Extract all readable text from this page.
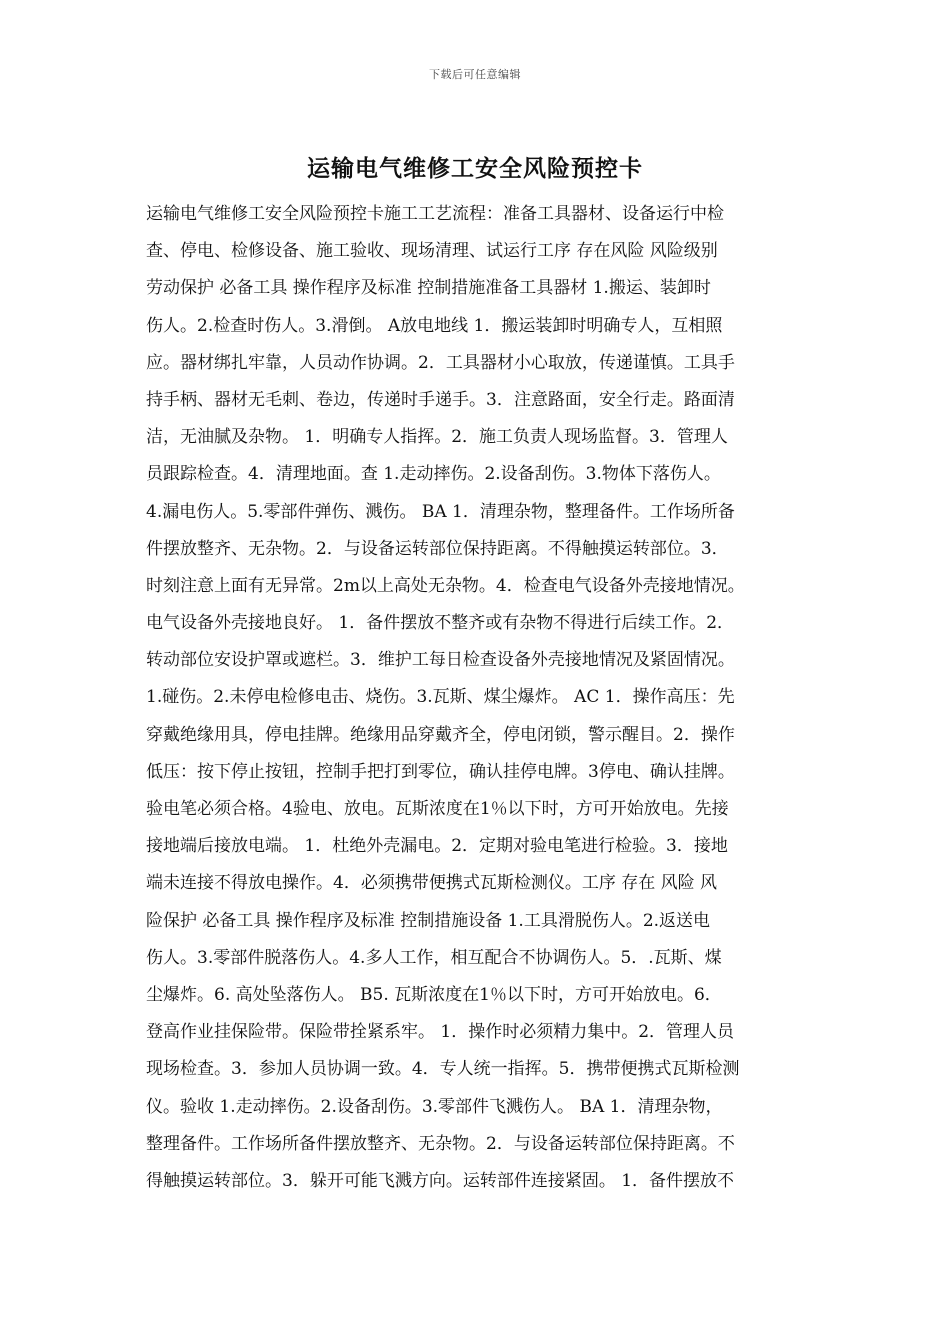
下载后可任意编辑
运输电气维修工安全风险预控卡
运输电气维修工安全风险预控卡施工工艺流程：准备工具器材、设备运行中检
查、停电、检修设备、施工验收、现场清理、试运行工序 存在风险 风险级别
劳动保护 必备工具 操作程序及标准 控制措施准备工具器材 1.搬运、装卸时
伤人。2.检查时伤人。3.滑倒。 A放电地线 1．搬运装卸时明确专人，互相照
应。器材绑扎牢靠，人员动作协调。2．工具器材小心取放，传递谨慎。工具手
持手柄、器材无毛刺、卷边，传递时手递手。3．注意路面，安全行走。路面清
洁，无油腻及杂物。 1．明确专人指挥。2．施工负责人现场监督。3．管理人
员跟踪检查。4．清理地面。查 1.走动摔伤。2.设备刮伤。3.物体下落伤人。
4.漏电伤人。5.零部件弹伤、溅伤。 BA 1．清理杂物，整理备件。工作场所备
件摆放整齐、无杂物。2．与设备运转部位保持距离。不得触摸运转部位。3．
时刻注意上面有无异常。2m以上高处无杂物。4．检查电气设备外壳接地情况。
电气设备外壳接地良好。 1．备件摆放不整齐或有杂物不得进行后续工作。2．
转动部位安设护罩或遮栏。3．维护工每日检查设备外壳接地情况及紧固情况。
1.碰伤。2.未停电检修电击、烧伤。3.瓦斯、煤尘爆炸。 AC 1．操作高压：先
穿戴绝缘用具，停电挂牌。绝缘用品穿戴齐全，停电闭锁，警示醒目。2．操作
低压：按下停止按钮，控制手把打到零位，确认挂停电牌。3停电、确认挂牌。
验电笔必须合格。4验电、放电。瓦斯浓度在1％以下时，方可开始放电。先接
接地端后接放电端。 1．杜绝外壳漏电。2．定期对验电笔进行检验。3．接地
端未连接不得放电操作。4．必须携带便携式瓦斯检测仪。工序 存在 风险 风
险保护 必备工具 操作程序及标准 控制措施设备 1.工具滑脱伤人。2.返送电
伤人。3.零部件脱落伤人。4.多人工作，相互配合不协调伤人。5．.瓦斯、煤
尘爆炸。6. 高处坠落伤人。 B5. 瓦斯浓度在1％以下时，方可开始放电。6．
登高作业挂保险带。保险带拴紧系牢。 1．操作时必须精力集中。2．管理人员
现场检查。3．参加人员协调一致。4．专人统一指挥。5．携带便携式瓦斯检测
仪。验收 1.走动摔伤。2.设备刮伤。3.零部件飞溅伤人。 BA 1．清理杂物，
整理备件。工作场所备件摆放整齐、无杂物。2．与设备运转部位保持距离。不
得触摸运转部位。3．躲开可能飞溅方向。运转部件连接紧固。 1．备件摆放不
